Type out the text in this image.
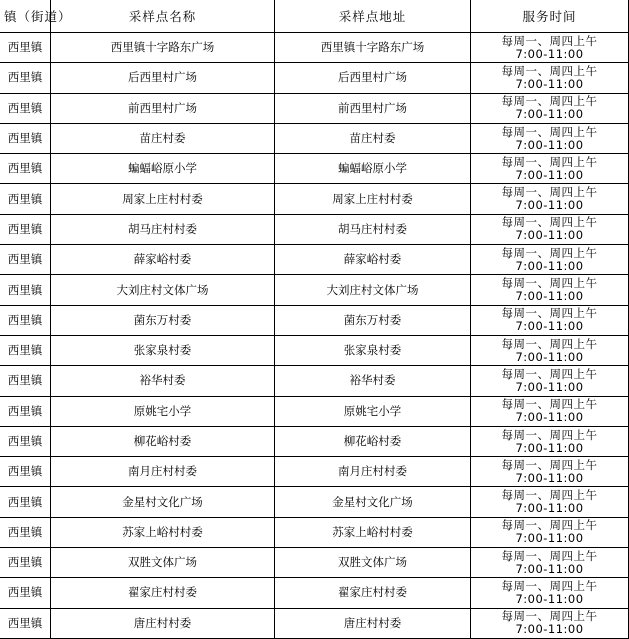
镇（街道）	采样点名称	采样点地址	服务时间
西里镇	西里镇十字路东广场	西里镇十字路东广场	每周一、周四上午
7:00-11:00

西里镇	后西里村广场	后西里村广场	每周一、周四上午
7:00-11:00

西里镇	前西里村广场	前西里村广场	每周一、周四上午
7:00-11:00

西里镇	苗庄村委	苗庄村委	每周一、周四上午
7:00-11:00

西里镇	蝙蝠峪原小学	蝙蝠峪原小学	每周一、周四上午
7:00-11:00

西里镇	周家上庄村村委	周家上庄村村委	每周一、周四上午
7:00-11:00

西里镇	胡马庄村村委	胡马庄村村委	每周一、周四上午
7:00-11:00

西里镇	薛家峪村委	薛家峪村委	每周一、周四上午
7:00-11:00

西里镇	大刘庄村文体广场	大刘庄村文体广场	每周一、周四上午
7:00-11:00

西里镇	菌东万村委	菌东万村委	每周一、周四上午
7:00-11:00

西里镇	张家泉村委	张家泉村委	每周一、周四上午
7:00-11:00

西里镇	裕华村委	裕华村委	每周一、周四上午
7:00-11:00

西里镇	原姚宅小学	原姚宅小学	每周一、周四上午
7:00-11:00

西里镇	柳花峪村委	柳花峪村委	每周一、周四上午
7:00-11:00

西里镇	南月庄村村委	南月庄村村委	每周一、周四上午
7:00-11:00

西里镇	金星村文化广场	金星村文化广场	每周一、周四上午
7:00-11:00

西里镇	苏家上峪村村委	苏家上峪村村委	每周一、周四上午
7:00-11:00

西里镇	双胜文体广场	双胜文体广场	每周一、周四上午
7:00-11:00

西里镇	翟家庄村村委	翟家庄村村委	每周一、周四上午
7:00-11:00

西里镇	唐庄村村委	唐庄村村委	每周一、周四上午
7:00-11:00
